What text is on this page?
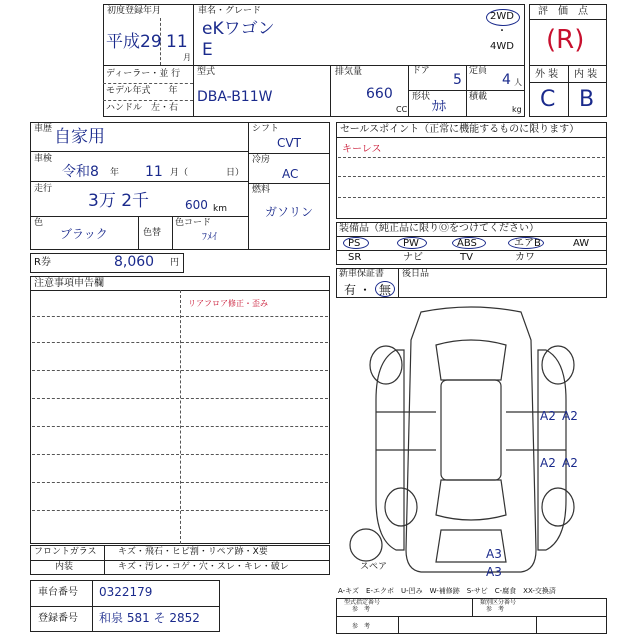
初度登録年月
平成29 11
月
車名・グレード
eKワゴン
E
2WD
・
4WD
ディーラー・並 行
モデル年式　　年
ハンドル　左・右
型式
DBA-B11W
排気量
660
CC
ドア
5
定員
4 人
形状
ｶﾎ
積載
kg
評　価　点
(R)
外 装 内 装
C B
車歴 自家用
車検
令和8 年 11 月（	日）
走行
3万 2千	600 km
色
ブラック	色替
色コード
ﾌﾒｲ
シフト
CVT
冷房
AC
燃料
ガソリン
R券	8,060 円
セールスポイント（正常に機能するものに限ります）
キーレス
装備品（純正品に限りⓄをつけてください）
PS	PW	ABS	エアB	AW
SR	ナビ	TV	カワ
新車保証書
有 ・ 無
後日品
注意事項申告欄
リアフロア修正・歪み
スペア
A2 A2
A2 A2
A3
A3
フロントガラス キズ・飛石・ヒビ割・リペア跡・X要
内装	キズ・汚レ・コゲ・穴・スレ・キレ・破レ
A-キズ　E-エクボ　U-凹み　W-補修跡　S-サビ　C-腐食　XX-交換済
車台番号 0322179
登録番号 和泉 581 そ 2852
型式指定番号	類別区分番号
参　考	参　考
参　考
